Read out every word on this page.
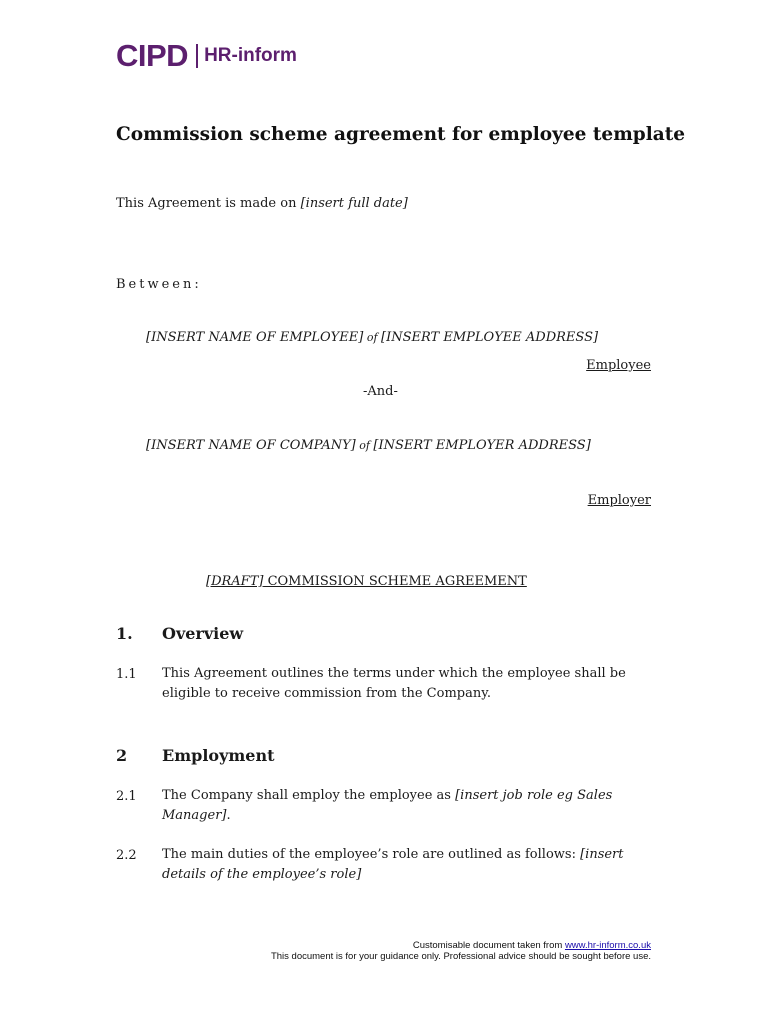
CIPD HR-inform
Commission scheme agreement for employee template
This Agreement is made on [insert full date]
Between:
[INSERT NAME OF EMPLOYEE] of [INSERT EMPLOYEE ADDRESS]
Employee
-And-
[INSERT NAME OF COMPANY] of [INSERT EMPLOYER ADDRESS]
Employer
[DRAFT] COMMISSION SCHEME AGREEMENT
1. Overview
1.1 This Agreement outlines the terms under which the employee shall be eligible to receive commission from the Company.
2 Employment
2.1 The Company shall employ the employee as [insert job role eg Sales Manager].
2.2 The main duties of the employee’s role are outlined as follows: [insert details of the employee’s role]
Customisable document taken from www.hr-inform.co.uk
This document is for your guidance only. Professional advice should be sought before use.
